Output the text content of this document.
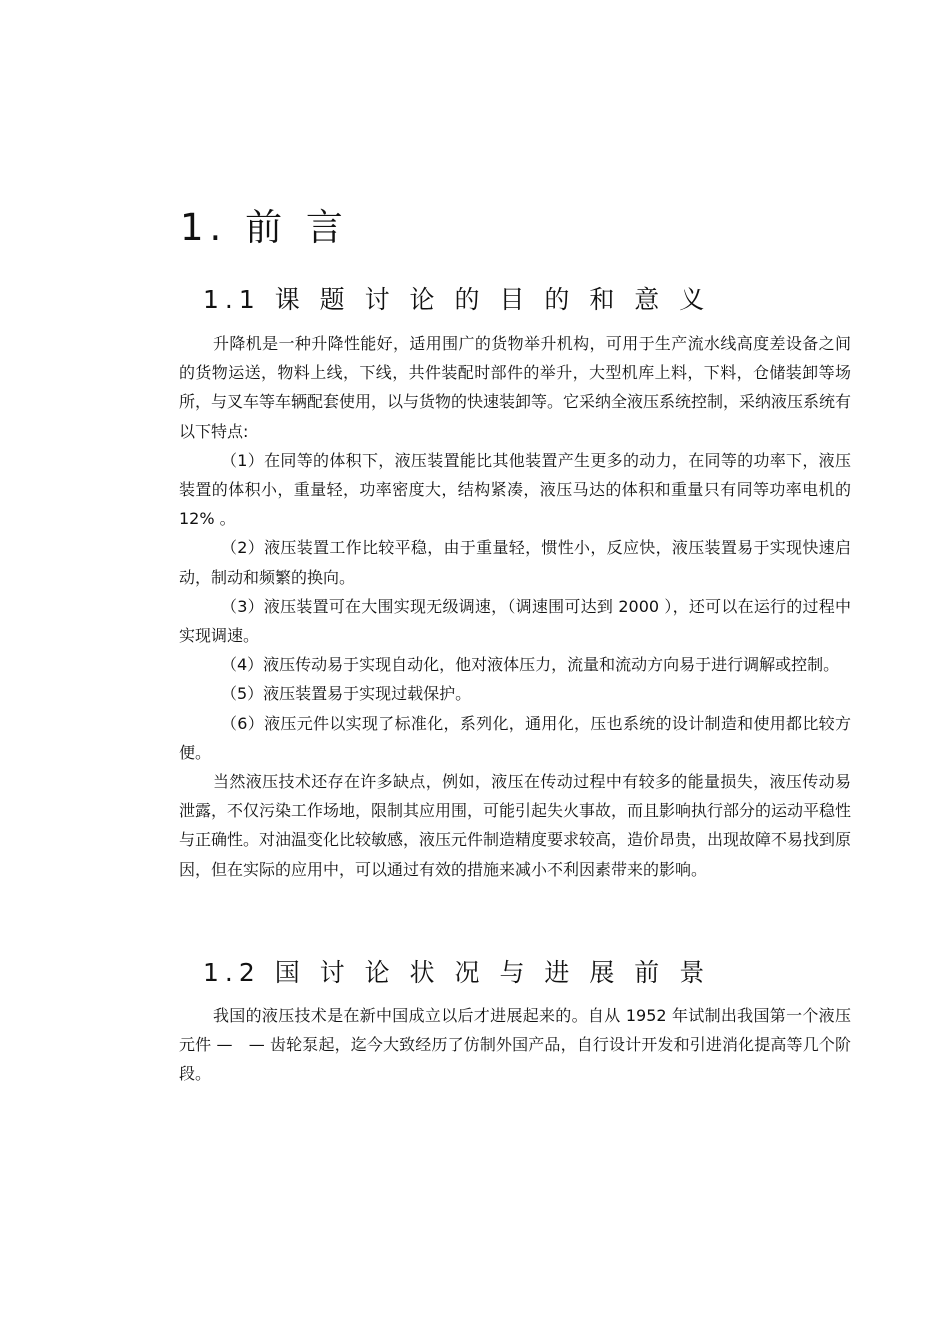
1. 前 言
1.1 课 题 讨 论 的 目 的 和 意 义

升降机是一种升降性能好，适用围广的货物举升机构，可用于生产流水线高度差设备之间的货物运送，物料上线，下线，共件装配时部件的举升，大型机库上料，下料，仓储装卸等场所，与叉车等车辆配套使用，以与货物的快速装卸等。它采纳全液压系统控制，采纳液压系统有以下特点:

（1）在同等的体积下，液压装置能比其他装置产生更多的动力，在同等的功率下，液压装置的体积小，重量轻，功率密度大，结构紧凑，液压马达的体积和重量只有同等功率电机的 12% 。

（2）液压装置工作比较平稳，由于重量轻，惯性小，反应快，液压装置易于实现快速启动，制动和频繁的换向。

（3）液压装置可在大围实现无级调速，（调速围可达到 2000 ），还可以在运行的过程中实现调速。

（4）液压传动易于实现自动化，他对液体压力，流量和流动方向易于进行调解或控制。

（5）液压装置易于实现过载保护。

（6）液压元件以实现了标准化，系列化，通用化，压也系统的设计制造和使用都比较方便。

当然液压技术还存在许多缺点，例如，液压在传动过程中有较多的能量损失，液压传动易泄露，不仅污染工作场地，限制其应用围，可能引起失火事故，而且影响执行部分的运动平稳性与正确性。对油温变化比较敏感，液压元件制造精度要求较高，造价昂贵，出现故障不易找到原因，但在实际的应用中，可以通过有效的措施来减小不利因素带来的影响。

1.2 国 讨 论 状 况 与 进 展 前 景

我国的液压技术是在新中国成立以后才进展起来的。自从 1952 年试制出我国第一个液压元件 —　— 齿轮泵起，迄今大致经历了仿制外国产品，自行设计开发和引进消化提高等几个阶段。
